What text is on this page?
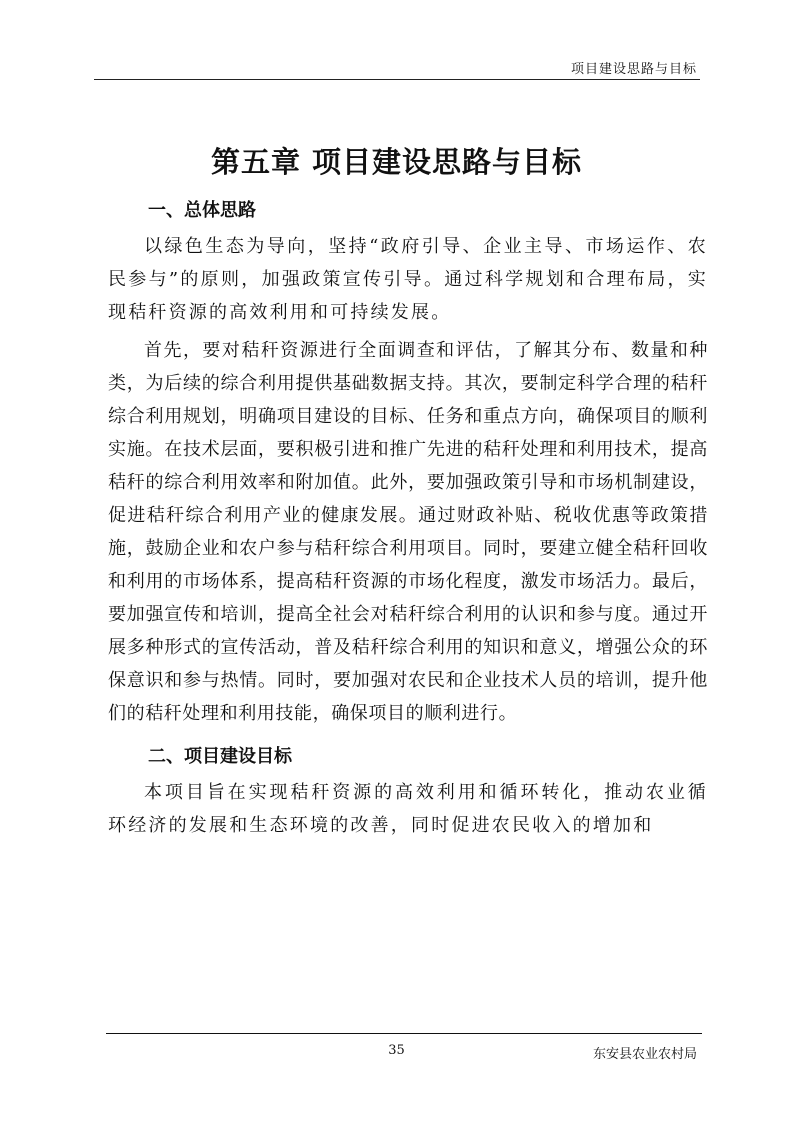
项目建设思路与目标
第五章 项目建设思路与目标
一、总体思路

以绿色生态为导向，坚持“政府引导、企业主导、市场运作、农民参与”的原则，加强政策宣传引导。通过科学规划和合理布局，实现秸秆资源的高效利用和可持续发展。

首先，要对秸秆资源进行全面调查和评估，了解其分布、数量和种类，为后续的综合利用提供基础数据支持。其次，要制定科学合理的秸秆综合利用规划，明确项目建设的目标、任务和重点方向，确保项目的顺利实施。在技术层面，要积极引进和推广先进的秸秆处理和利用技术，提高秸秆的综合利用效率和附加值。此外，要加强政策引导和市场机制建设，促进秸秆综合利用产业的健康发展。通过财政补贴、税收优惠等政策措施，鼓励企业和农户参与秸秆综合利用项目。同时，要建立健全秸秆回收和利用的市场体系，提高秸秆资源的市场化程度，激发市场活力。最后，要加强宣传和培训，提高全社会对秸秆综合利用的认识和参与度。通过开展多种形式的宣传活动，普及秸秆综合利用的知识和意义，增强公众的环保意识和参与热情。同时，要加强对农民和企业技术人员的培训，提升他们的秸秆处理和利用技能，确保项目的顺利进行。

二、项目建设目标

本项目旨在实现秸秆资源的高效利用和循环转化，推动农业循环经济的发展和生态环境的改善，同时促进农民收入的增加和

35	东安县农业农村局
